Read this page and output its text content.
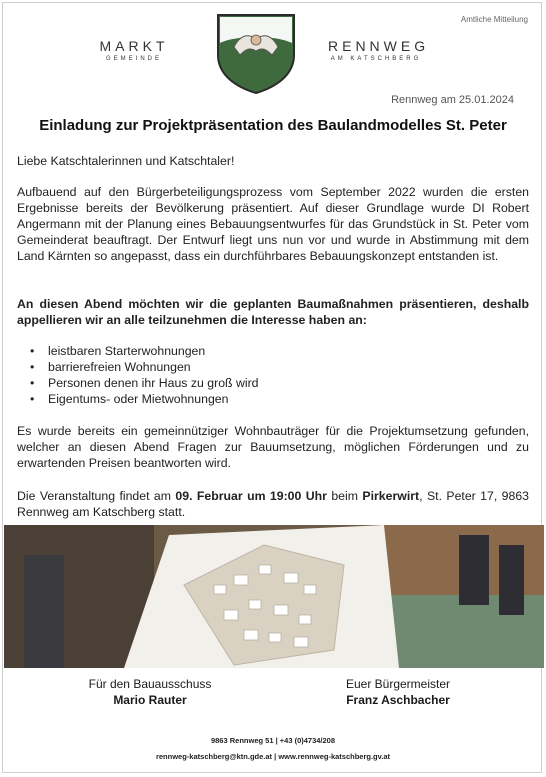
Amtliche Mitteilung
MARKT
GEMEINDE
RENNWEG
AM KATSCHBERG
Rennweg am 25.01.2024
Einladung zur Projektpräsentation des Baulandmodelles St. Peter
Liebe Katschtalerinnen und Katschtaler!
Aufbauend auf den Bürgerbeteiligungsprozess vom September 2022 wurden die ersten Ergebnisse bereits der Bevölkerung präsentiert. Auf dieser Grundlage wurde DI Robert Angermann mit der Planung eines Bebauungsentwurfes für das Grundstück in St. Peter vom Gemeinderat beauftragt. Der Entwurf liegt uns nun vor und wurde in Abstimmung mit dem Land Kärnten so angepasst, dass ein durchführbares Bebauungskonzept entstanden ist.
An diesen Abend möchten wir die geplanten Baumaßnahmen präsentieren, deshalb appellieren wir an alle teilzunehmen die Interesse haben an:
• leistbaren Starterwohnungen
• barrierefreien Wohnungen
• Personen denen ihr Haus zu groß wird
• Eigentums- oder Mietwohnungen
Es wurde bereits ein gemeinnütziger Wohnbauträger für die Projektumsetzung gefunden, welcher an diesen Abend Fragen zur Bauumsetzung, möglichen Förderungen und zu erwartenden Preisen beantworten wird.
Die Veranstaltung findet am 09. Februar um 19:00 Uhr beim Pirkerwirt, St. Peter 17, 9863 Rennweg am Katschberg statt.
Für den Bauausschuss
Mario Rauter
Euer Bürgermeister
Franz Aschbacher
9863 Rennweg 51 | +43 (0)4734/208
rennweg-katschberg@ktn.gde.at | www.rennweg-katschberg.gv.at
